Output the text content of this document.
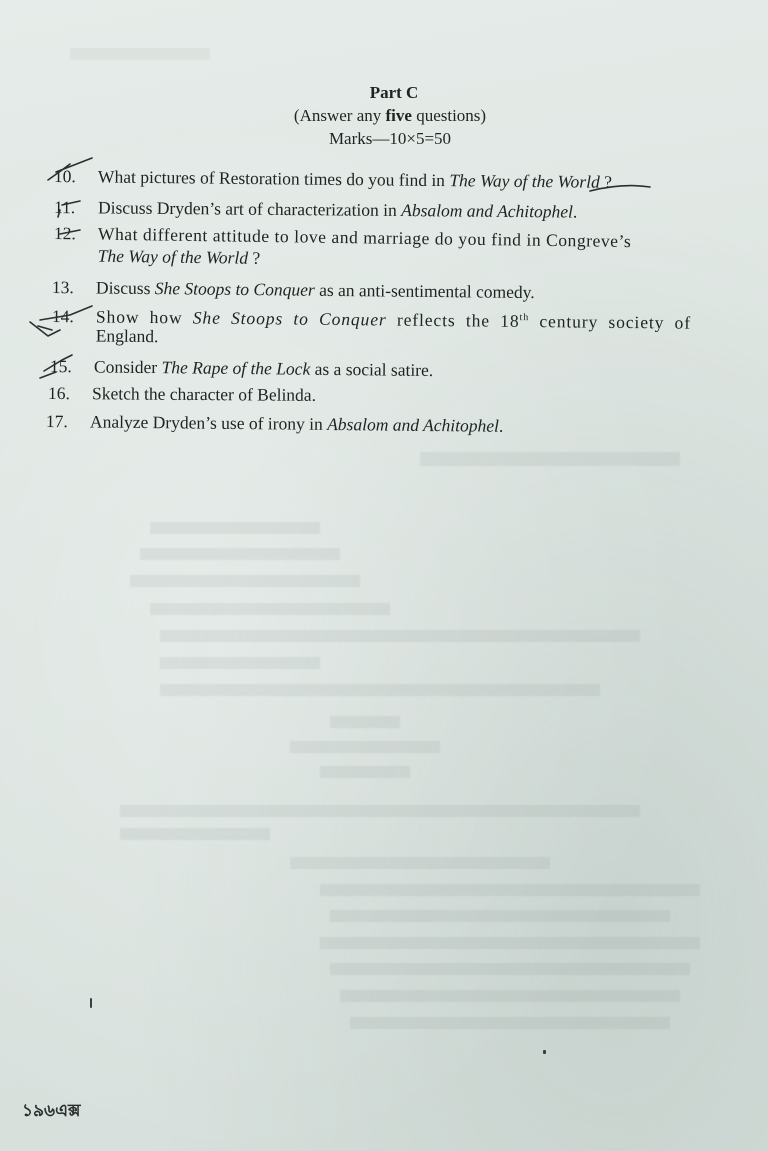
Part C
(Answer any five questions)
Marks—10×5=50
10. What pictures of Restoration times do you find in The Way of the World ?
11. Discuss Dryden’s art of characterization in Absalom and Achitophel.
12. What different attitude to love and marriage do you find in Congreve’s
The Way of the World ?
13. Discuss She Stoops to Conquer as an anti-sentimental comedy.
14. Show how She Stoops to Conquer reflects the 18th century society of
England.
15. Consider The Rape of the Lock as a social satire.
16. Sketch the character of Belinda.
17. Analyze Dryden’s use of irony in Absalom and Achitophel.
১৯৬এক্স
